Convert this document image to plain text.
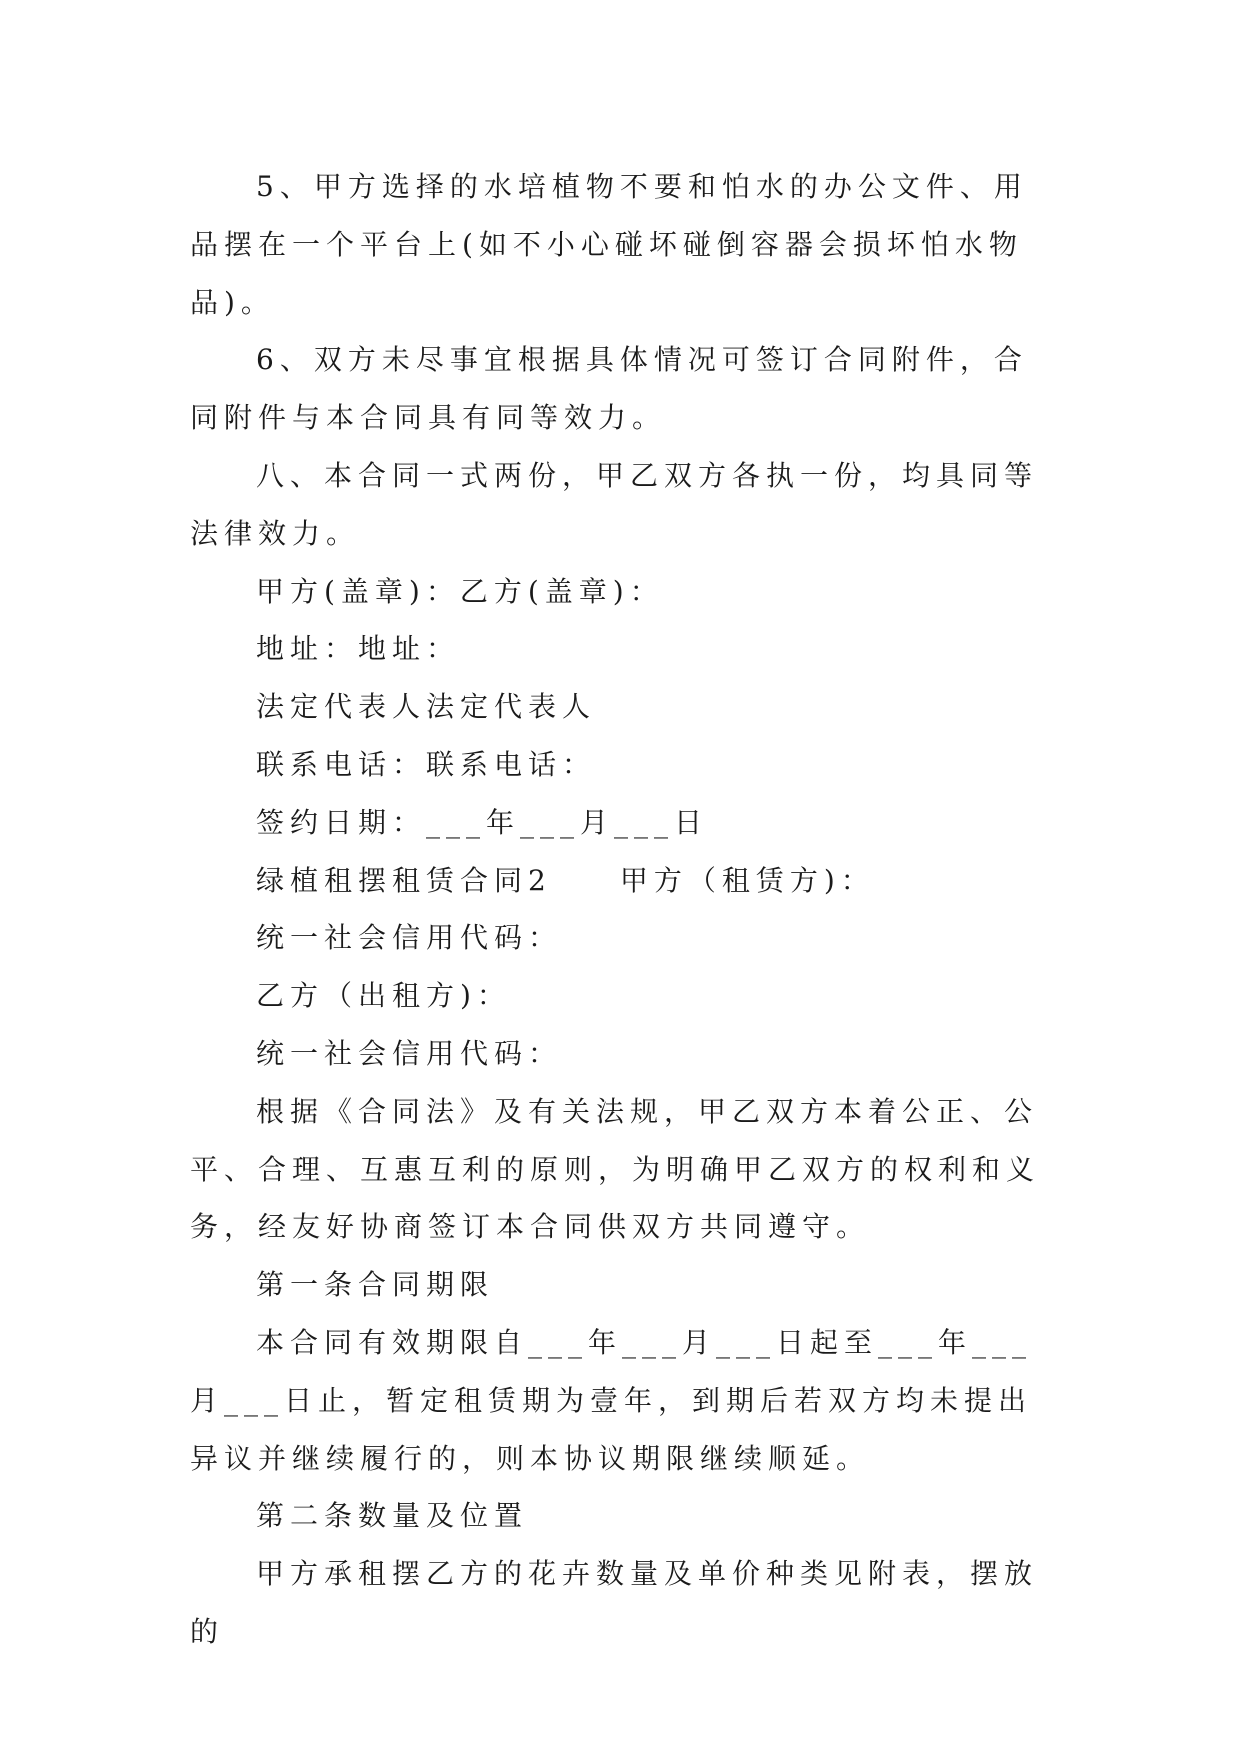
5、甲方选择的水培植物不要和怕水的办公文件、用品摆在一个平台上(如不小心碰坏碰倒容器会损坏怕水物品)。

6、双方未尽事宜根据具体情况可签订合同附件，合同附件与本合同具有同等效力。

八、本合同一式两份，甲乙双方各执一份，均具同等法律效力。

甲方(盖章)：乙方(盖章)：
地址：地址：
法定代表人法定代表人
联系电话：联系电话：
签约日期：___年___月___日
绿植租摆租赁合同2　　甲方（租赁方)：
统一社会信用代码：
乙方（出租方)：
统一社会信用代码：

根据《合同法》及有关法规，甲乙双方本着公正、公平、合理、互惠互利的原则，为明确甲乙双方的权利和义务，经友好协商签订本合同供双方共同遵守。

第一条合同期限

本合同有效期限自___年___月___日起至___年___月___日止，暂定租赁期为壹年，到期后若双方均未提出异议并继续履行的，则本协议期限继续顺延。

第二条数量及位置

甲方承租摆乙方的花卉数量及单价种类见附表，摆放的
